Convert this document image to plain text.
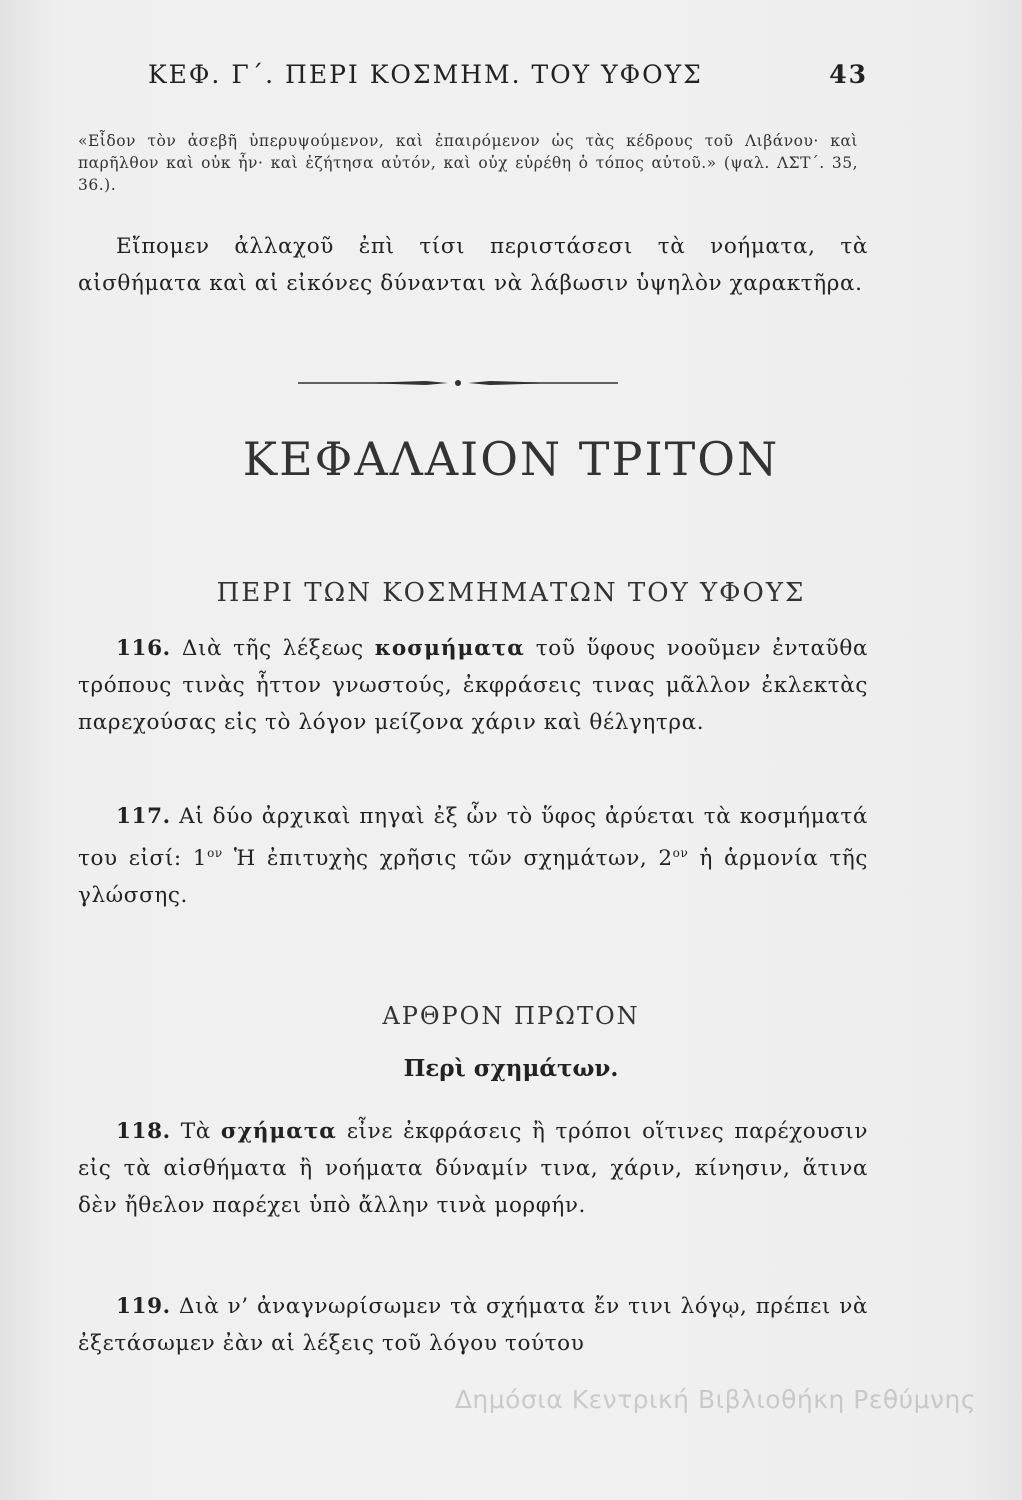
ΚΕΦ. Γ΄. ΠΕΡΙ ΚΟΣΜΗΜ. ΤΟΥ ΥΦΟΥΣ	43
«Εἶδον τὸν ἀσεβῆ ὑπερυψούμενον, καὶ ἐπαιρόμενον ὡς τὰς κέδρους τοῦ Λιβάνου· καὶ παρῆλθον καὶ οὐκ ἦν· καὶ ἐζήτησα αὐτόν, καὶ οὐχ εὑρέθη ὁ τόπος αὐτοῦ.» (ψαλ. ΛΣΤ΄. 35, 36.).
Εἴπομεν ἀλλαχοῦ ἐπὶ τίσι περιστάσεσι τὰ νοήματα, τὰ αἰσθήματα καὶ αἱ εἰκόνες δύνανται νὰ λάβωσιν ὑψηλὸν χαρακτῆρα.
ΚΕΦΑΛΑΙΟΝ ΤΡΙΤΟΝ
ΠΕΡΙ ΤΩΝ ΚΟΣΜΗΜΑΤΩΝ ΤΟΥ ΥΦΟΥΣ
116. Διὰ τῆς λέξεως κοσμήματα τοῦ ὕφους νοοῦμεν ἐνταῦθα τρόπους τινὰς ἧττον γνωστούς, ἐκφράσεις τινας μᾶλλον ἐκλεκτὰς παρεχούσας εἰς τὸ λόγον μείζονα χάριν καὶ θέλγητρα.
117. Αἱ δύο ἀρχικαὶ πηγαὶ ἐξ ὧν τὸ ὕφος ἀρύεται τὰ κοσμήματά του εἰσί: $1^{o\nu}$ Ἡ ἐπιτυχὴς χρῆσις τῶν σχημάτων, $2^{o\nu}$ ἡ ἁρμονία τῆς γλώσσης.
ΑΡΘΡΟΝ ΠΡΩΤΟΝ
Περὶ σχημάτων.
118. Τὰ σχήματα εἶνε ἐκφράσεις ἢ τρόποι οἵτινες παρέχουσιν εἰς τὰ αἰσθήματα ἢ νοήματα δύναμίν τινα, χάριν, κίνησιν, ἅτινα δὲν ἤθελον παρέχει ὑπὸ ἄλλην τινὰ μορφήν.
119. Διὰ ν’ ἀναγνωρίσωμεν τὰ σχήματα ἔν τινι λόγῳ, πρέπει νὰ ἐξετάσωμεν ἐὰν αἱ λέξεις τοῦ λόγου τούτου
Δημόσια Κεντρική Βιβλιοθήκη Ρεθύμνης
